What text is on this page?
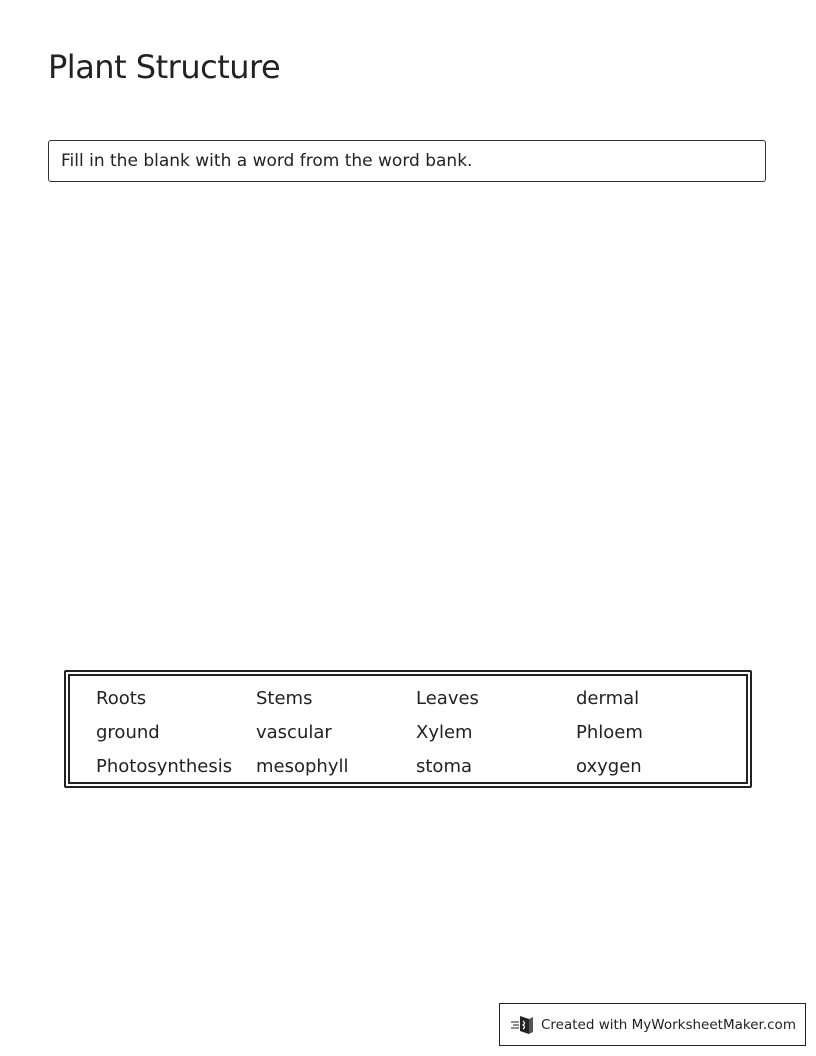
Plant Structure
Fill in the blank with a word from the word bank.
Roots	Stems	Leaves	dermal
ground	vascular	Xylem	Phloem
Photosynthesis	mesophyll	stoma	oxygen
Created with MyWorksheetMaker.com
